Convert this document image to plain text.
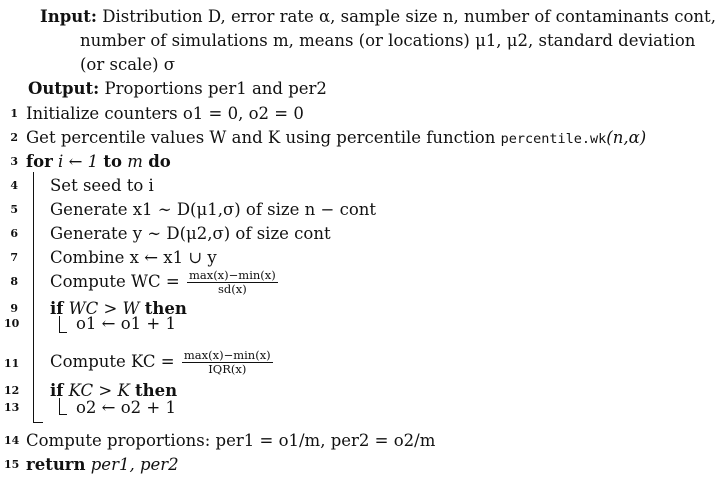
Input: Distribution D, error rate α, sample size n, number of contaminants cont,
number of simulations m, means (or locations) μ1, μ2, standard deviation
(or scale) σ
Output: Proportions per1 and per2
1 Initialize counters o1 = 0, o2 = 0
2 Get percentile values W and K using percentile function percentile.wk(n,α)
3 for i ← 1 to m do
4 Set seed to i
5 Generate x1 ∼ D(μ1,σ) of size n − cont
6 Generate y ∼ D(μ2,σ) of size cont
7 Combine x ← x1 ∪ y
8 Compute WC = $\frac{\max(x)-\min(x)}{sd(x)}$
9 if WC > W then
10	o1 ← o1 + 1
11 Compute KC = $\frac{\max(x)-\min(x)}{\text{IQR(x)}}$
12 if KC > K then
13	o2 ← o2 + 1
14 Compute proportions: per1 = o1/m, per2 = o2/m
15 return per1, per2
